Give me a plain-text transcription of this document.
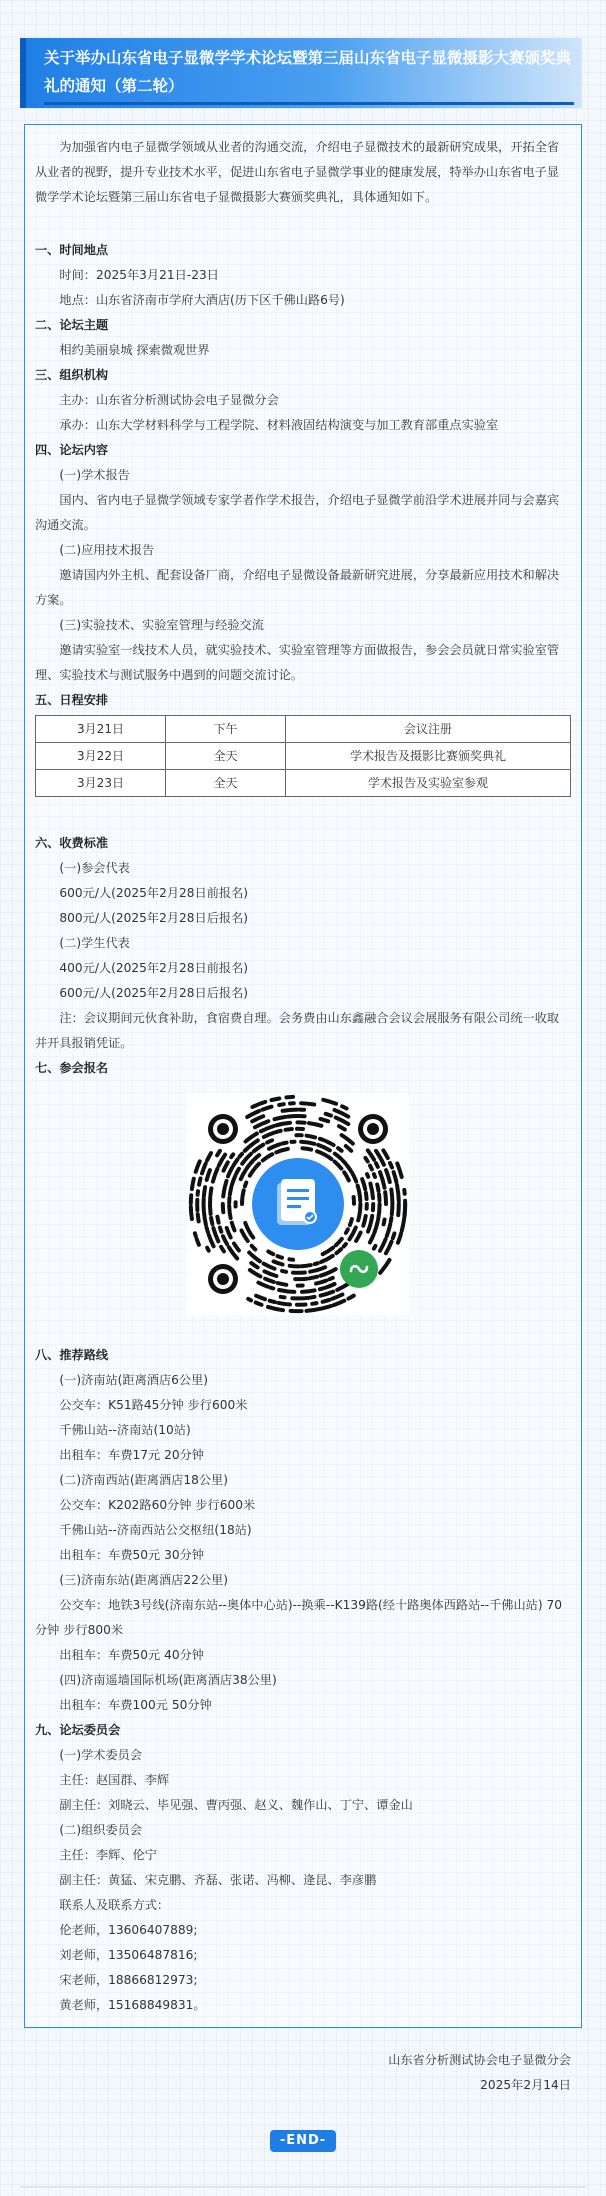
关于举办山东省电子显微学学术论坛暨第三届山东省电子显微摄影大赛颁奖典礼的通知（第二轮）

为加强省内电子显微学领域从业者的沟通交流，介绍电子显微技术的最新研究成果，开拓全省从业者的视野，提升专业技术水平，促进山东省电子显微学事业的健康发展，特举办山东省电子显微学学术论坛暨第三届山东省电子显微摄影大赛颁奖典礼，具体通知如下。

一、时间地点

时间：2025年3月21日-23日

地点：山东省济南市学府大酒店(历下区千佛山路6号)

二、论坛主题

相约美丽泉城 探索微观世界

三、组织机构

主办：山东省分析测试协会电子显微分会

承办：山东大学材料科学与工程学院、材料液固结构演变与加工教育部重点实验室

四、论坛内容

(一)学术报告

国内、省内电子显微学领域专家学者作学术报告，介绍电子显微学前沿学术进展并同与会嘉宾沟通交流。

(二)应用技术报告

邀请国内外主机、配套设备厂商，介绍电子显微设备最新研究进展，分享最新应用技术和解决方案。

(三)实验技术、实验室管理与经验交流

邀请实验室一线技术人员，就实验技术、实验室管理等方面做报告，参会会员就日常实验室管理、实验技术与测试服务中遇到的问题交流讨论。

五、日程安排

3月21日	下午	会议注册
3月22日	全天	学术报告及摄影比赛颁奖典礼
3月23日	全天	学术报告及实验室参观

六、收费标准

(一)参会代表

600元/人(2025年2月28日前报名)

800元/人(2025年2月28日后报名)

(二)学生代表

400元/人(2025年2月28日前报名)

600元/人(2025年2月28日后报名)

注：会议期间元伙食补助，食宿费自理。会务费由山东鑫融合会议会展服务有限公司统一收取并开具报销凭证。

七、参会报名

八、推荐路线

(一)济南站(距离酒店6公里)

公交车：K51路45分钟 步行600米

千佛山站--济南站(10站)

出租车：车费17元 20分钟

(二)济南西站(距离酒店18公里)

公交车：K202路60分钟 步行600米

千佛山站--济南西站公交枢纽(18站)

出租车：车费50元 30分钟

(三)济南东站(距离酒店22公里)

公交车：地铁3号线(济南东站--奥体中心站)--换乘--K139路(经十路奥体西路站--千佛山站) 70分钟 步行800米

出租车：车费50元 40分钟

(四)济南遥墙国际机场(距离酒店38公里)

出租车：车费100元 50分钟

九、论坛委员会

(一)学术委员会

主任：赵国群、李辉

副主任：刘晓云、毕见强、曹丙强、赵义、魏作山、丁宁、谭金山

(二)组织委员会

主任：李辉、伦宁

副主任：黄猛、宋克鹏、齐磊、张诺、冯柳、逄昆、李彦鹏

联系人及联系方式：

伦老师，13606407889;

刘老师，13506487816;

宋老师，18866812973;

黄老师，15168849831。

山东省分析测试协会电子显微分会

2025年2月14日

-END-
